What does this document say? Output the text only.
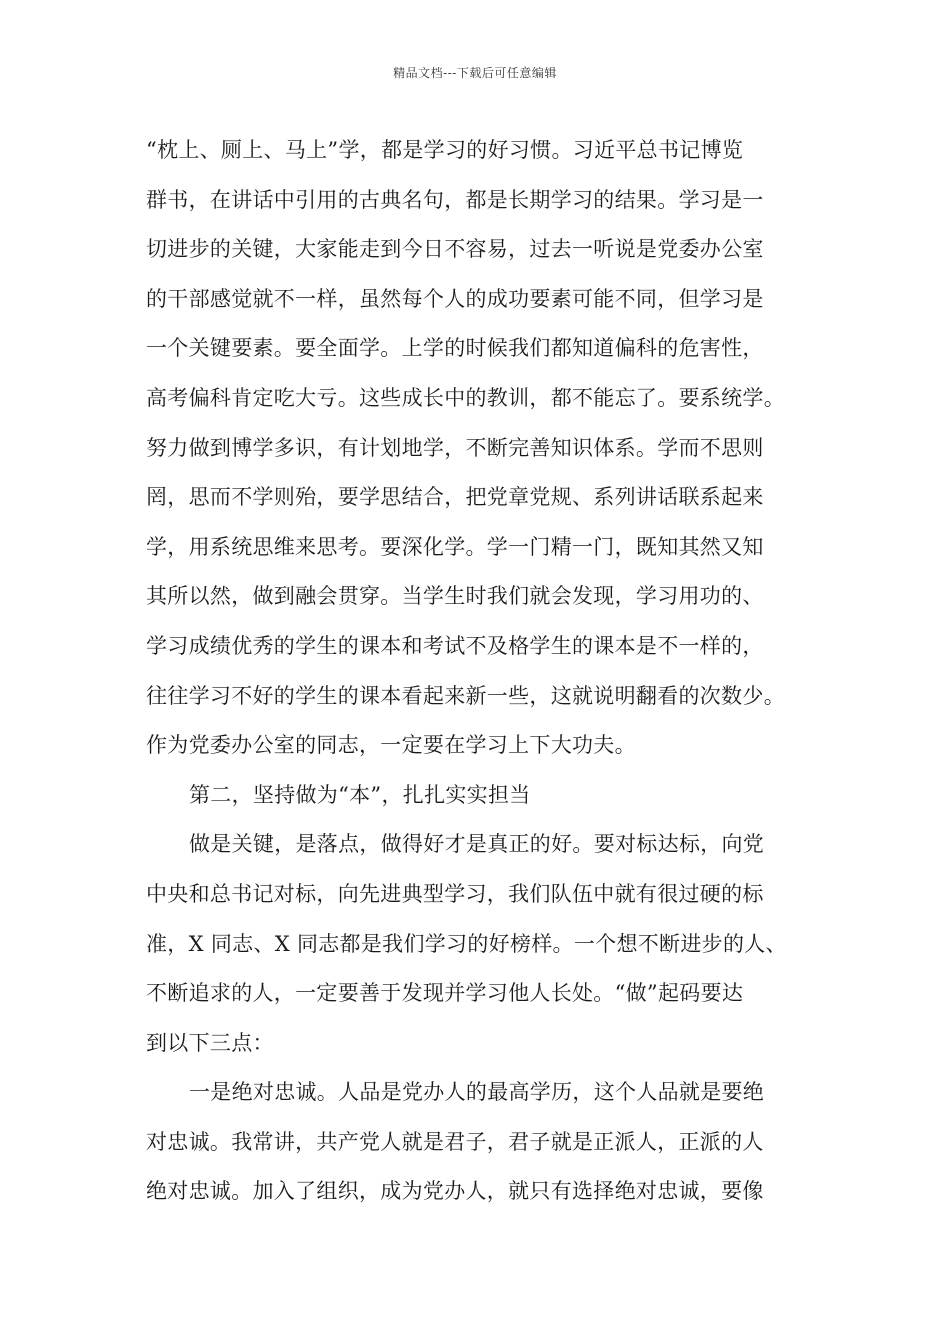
精品文档---下载后可任意编辑
“枕上、厕上、马上”学，都是学习的好习惯。习近平总书记博览
群书，在讲话中引用的古典名句，都是长期学习的结果。学习是一
切进步的关键，大家能走到今日不容易，过去一听说是党委办公室
的干部感觉就不一样，虽然每个人的成功要素可能不同，但学习是
一个关键要素。要全面学。上学的时候我们都知道偏科的危害性，
高考偏科肯定吃大亏。这些成长中的教训，都不能忘了。要系统学。
努力做到博学多识，有计划地学，不断完善知识体系。学而不思则
罔，思而不学则殆，要学思结合，把党章党规、系列讲话联系起来
学，用系统思维来思考。要深化学。学一门精一门，既知其然又知
其所以然，做到融会贯穿。当学生时我们就会发现，学习用功的、
学习成绩优秀的学生的课本和考试不及格学生的课本是不一样的，
往往学习不好的学生的课本看起来新一些，这就说明翻看的次数少。
作为党委办公室的同志，一定要在学习上下大功夫。
第二，坚持做为“本”，扎扎实实担当
做是关键，是落点，做得好才是真正的好。要对标达标，向党
中央和总书记对标，向先进典型学习，我们队伍中就有很过硬的标
准，X 同志、X 同志都是我们学习的好榜样。一个想不断进步的人、
不断追求的人，一定要善于发现并学习他人长处。“做”起码要达
到以下三点：
一是绝对忠诚。人品是党办人的最高学历，这个人品就是要绝
对忠诚。我常讲，共产党人就是君子，君子就是正派人，正派的人
绝对忠诚。加入了组织，成为党办人，就只有选择绝对忠诚，要像
